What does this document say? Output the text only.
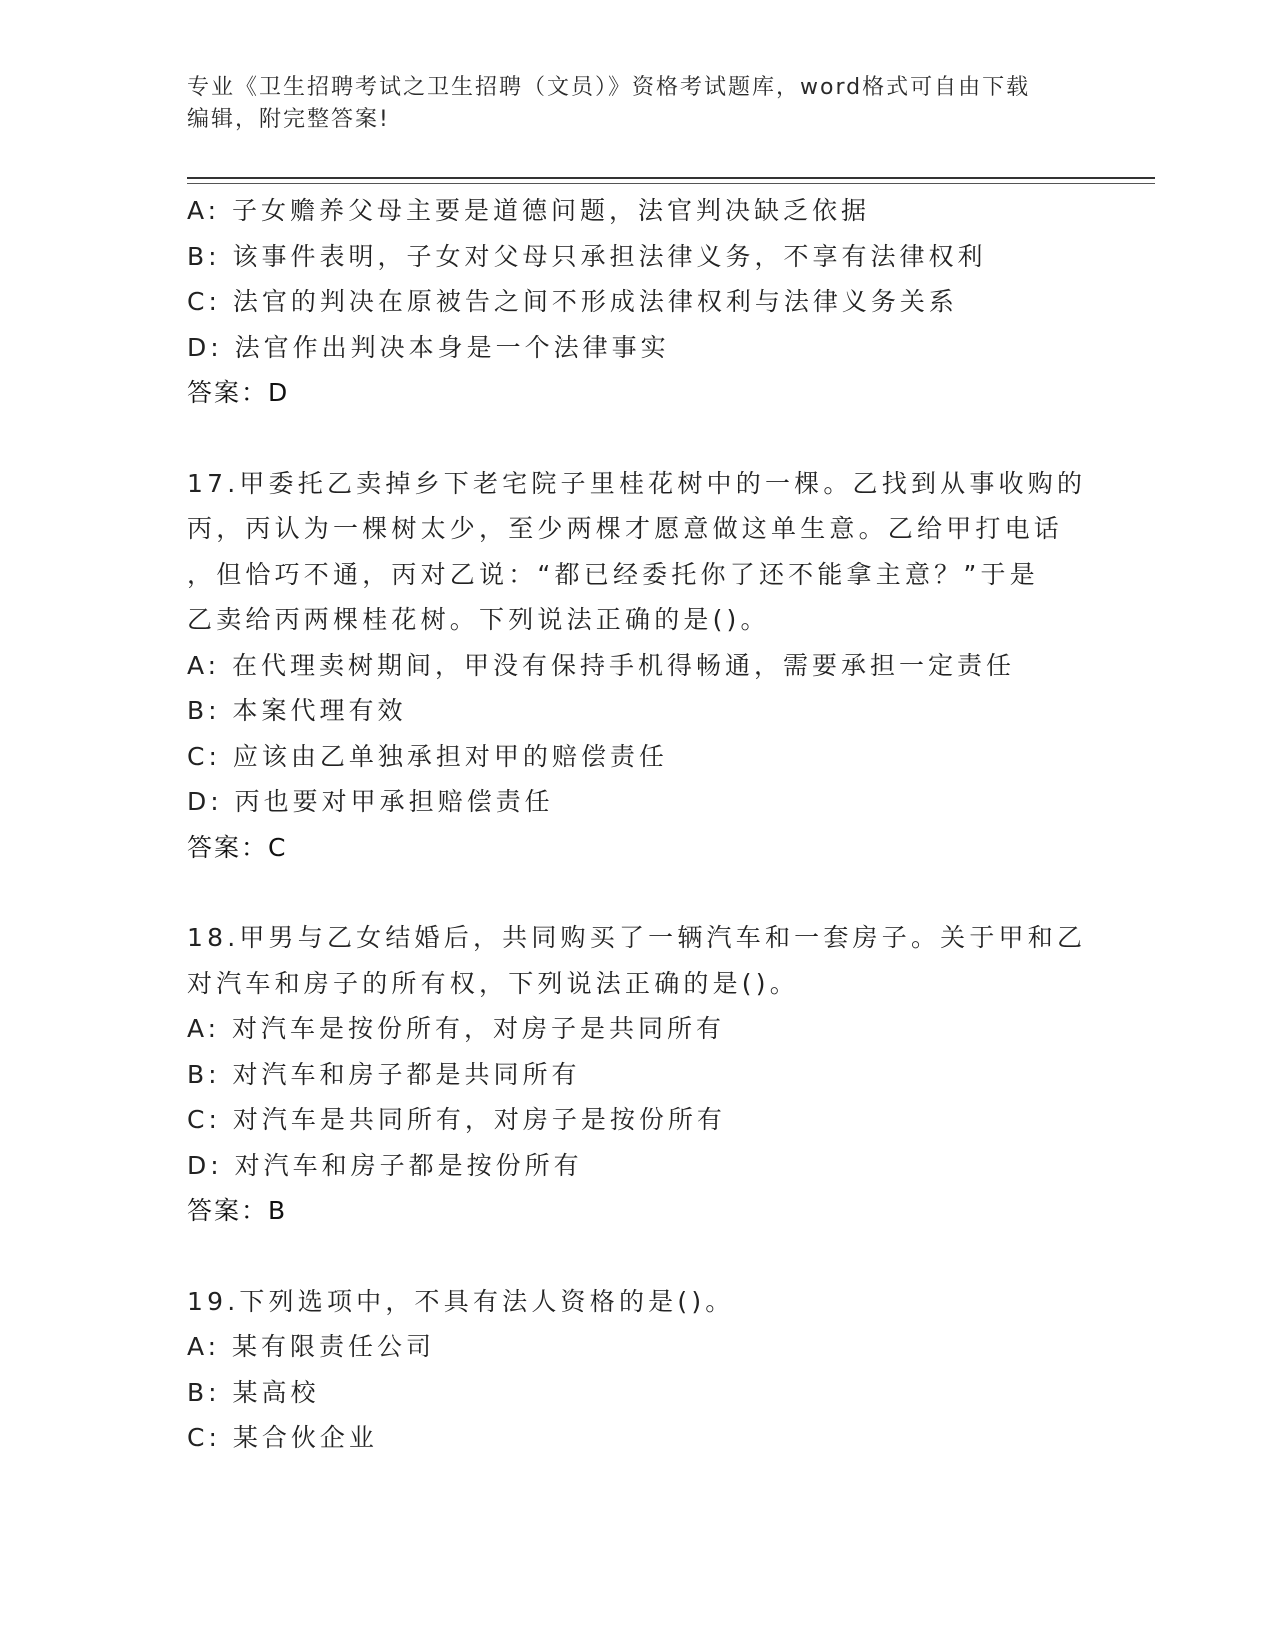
专业《卫生招聘考试之卫生招聘（文员）》资格考试题库，word格式可自由下载
编辑，附完整答案!
A: 子女赡养父母主要是道德问题，法官判决缺乏依据
B: 该事件表明，子女对父母只承担法律义务，不享有法律权利
C: 法官的判决在原被告之间不形成法律权利与法律义务关系
D: 法官作出判决本身是一个法律事实
答案：D
17.甲委托乙卖掉乡下老宅院子里桂花树中的一棵。乙找到从事收购的
丙，丙认为一棵树太少，至少两棵才愿意做这单生意。乙给甲打电话
，但恰巧不通，丙对乙说：“都已经委托你了还不能拿主意？”于是
乙卖给丙两棵桂花树。下列说法正确的是()。
A: 在代理卖树期间，甲没有保持手机得畅通，需要承担一定责任
B: 本案代理有效
C: 应该由乙单独承担对甲的赔偿责任
D: 丙也要对甲承担赔偿责任
答案：C
18.甲男与乙女结婚后，共同购买了一辆汽车和一套房子。关于甲和乙
对汽车和房子的所有权，下列说法正确的是()。
A: 对汽车是按份所有，对房子是共同所有
B: 对汽车和房子都是共同所有
C: 对汽车是共同所有，对房子是按份所有
D: 对汽车和房子都是按份所有
答案：B
19.下列选项中，不具有法人资格的是()。
A: 某有限责任公司
B: 某高校
C: 某合伙企业
